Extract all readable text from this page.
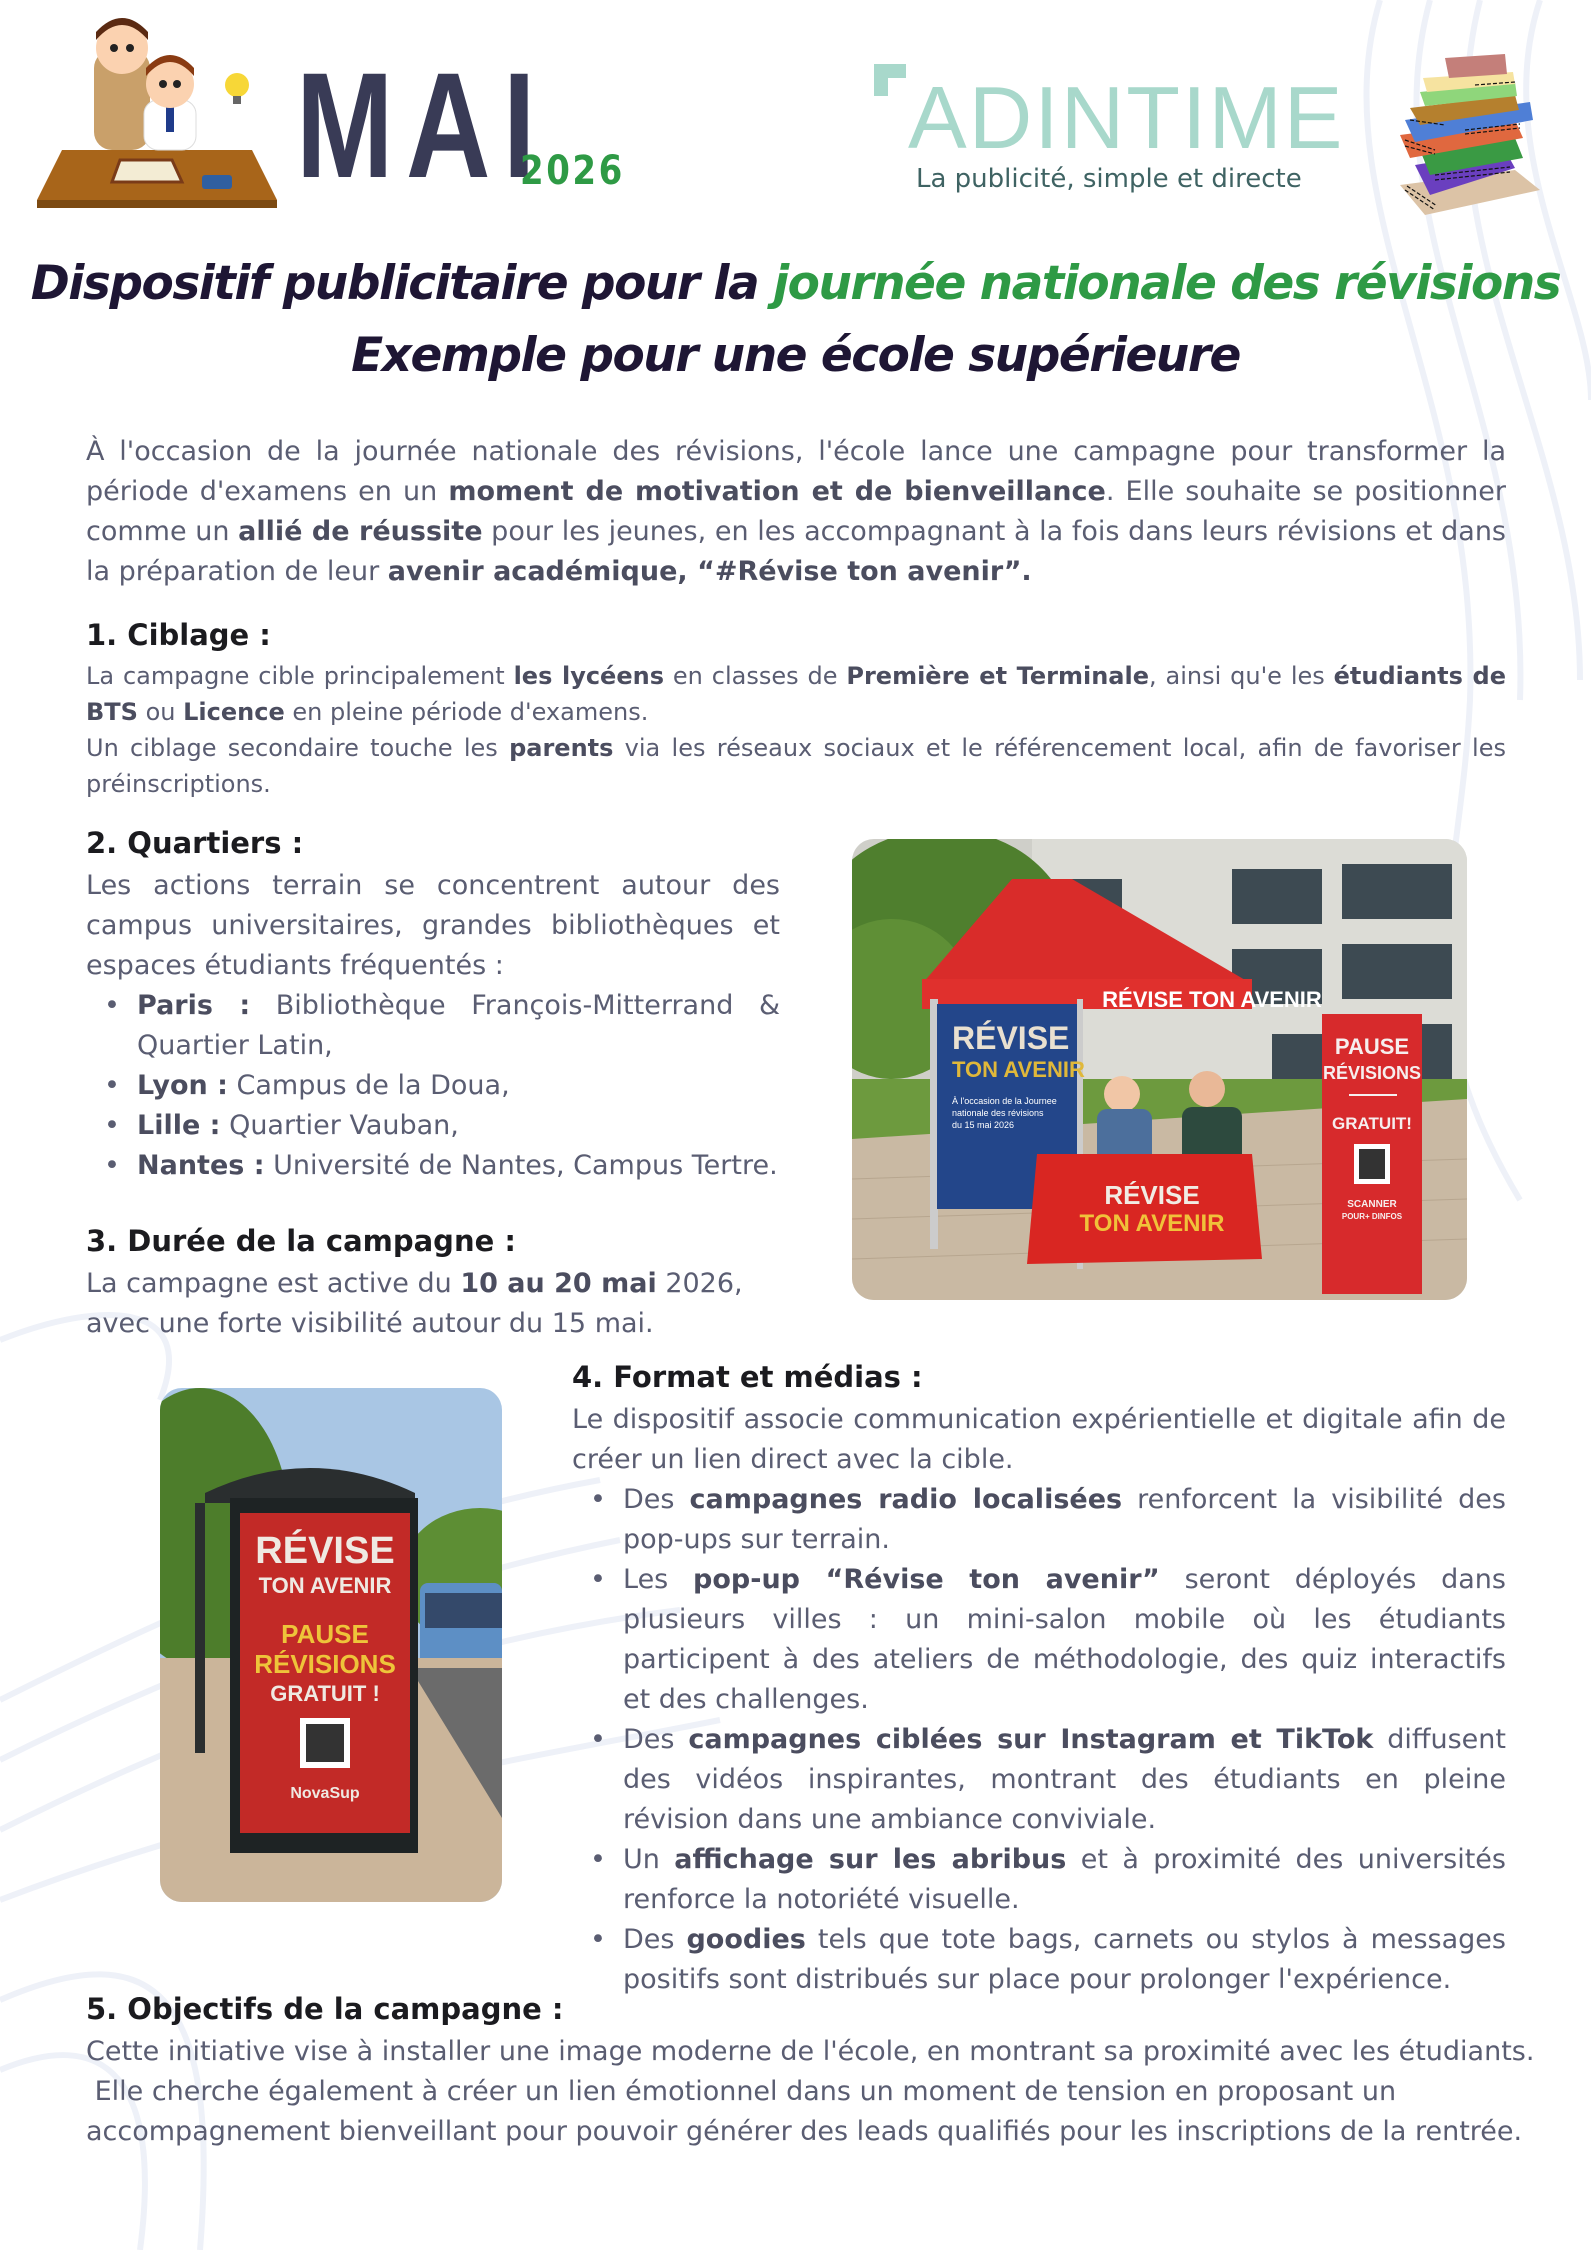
MAI
2026
ADINTIME
La publicité, simple et directe
Dispositif publicitaire pour la journée nationale des révisions
Exemple pour une école supérieure
À l'occasion de la journée nationale des révisions, l'école lance une campagne pour transformer la période d'examens en un moment de motivation et de bienveillance. Elle souhaite se positionner comme un allié de réussite pour les jeunes, en les accompagnant à la fois dans leurs révisions et dans la préparation de leur avenir académique, “#Révise ton avenir”.
1. Ciblage :
La campagne cible principalement les lycéens en classes de Première et Terminale, ainsi qu'e les étudiants de BTS ou Licence en pleine période d'examens.
Un ciblage secondaire touche les parents via les réseaux sociaux et le référencement local, afin de favoriser les préinscriptions.
2. Quartiers :
Les actions terrain se concentrent autour des campus universitaires, grandes bibliothèques et espaces étudiants fréquentés :
• Paris : Bibliothèque François-Mitterrand & Quartier Latin,
• Lyon : Campus de la Doua,
• Lille : Quartier Vauban,
• Nantes : Université de Nantes, Campus Tertre.
3. Durée de la campagne :
La campagne est active du 10 au 20 mai 2026, avec une forte visibilité autour du 15 mai.
RÉVISE TON AVENIR
RÉVISE
TON AVENIR
À l'occasion de la Journee
nationale des révisions
du 15 mai 2026
RÉVISE
TON AVENIR
PAUSE
RÉVISIONS
GRATUIT!
SCANNER
POUR+ DINFOS
RÉVISE
TON AVENIR
PAUSE
RÉVISIONS
GRATUIT !
NovaSup
4. Format et médias :
Le dispositif associe communication expérientielle et digitale afin de créer un lien direct avec la cible.
• Des campagnes radio localisées renforcent la visibilité des pop-ups sur terrain.
• Les pop-up “Révise ton avenir” seront déployés dans plusieurs villes : un mini-salon mobile où les étudiants participent à des ateliers de méthodologie, des quiz interactifs et des challenges.
• Des campagnes ciblées sur Instagram et TikTok diffusent des vidéos inspirantes, montrant des étudiants en pleine révision dans une ambiance conviviale.
• Un affichage sur les abribus et à proximité des universités renforce la notoriété visuelle.
• Des goodies tels que tote bags, carnets ou stylos à messages positifs sont distribués sur place pour prolonger l'expérience.
5. Objectifs de la campagne :
Cette initiative vise à installer une image moderne de l'école, en montrant sa proximité avec les étudiants.
Elle cherche également à créer un lien émotionnel dans un moment de tension en proposant un
accompagnement bienveillant pour pouvoir générer des leads qualifiés pour les inscriptions de la rentrée.
